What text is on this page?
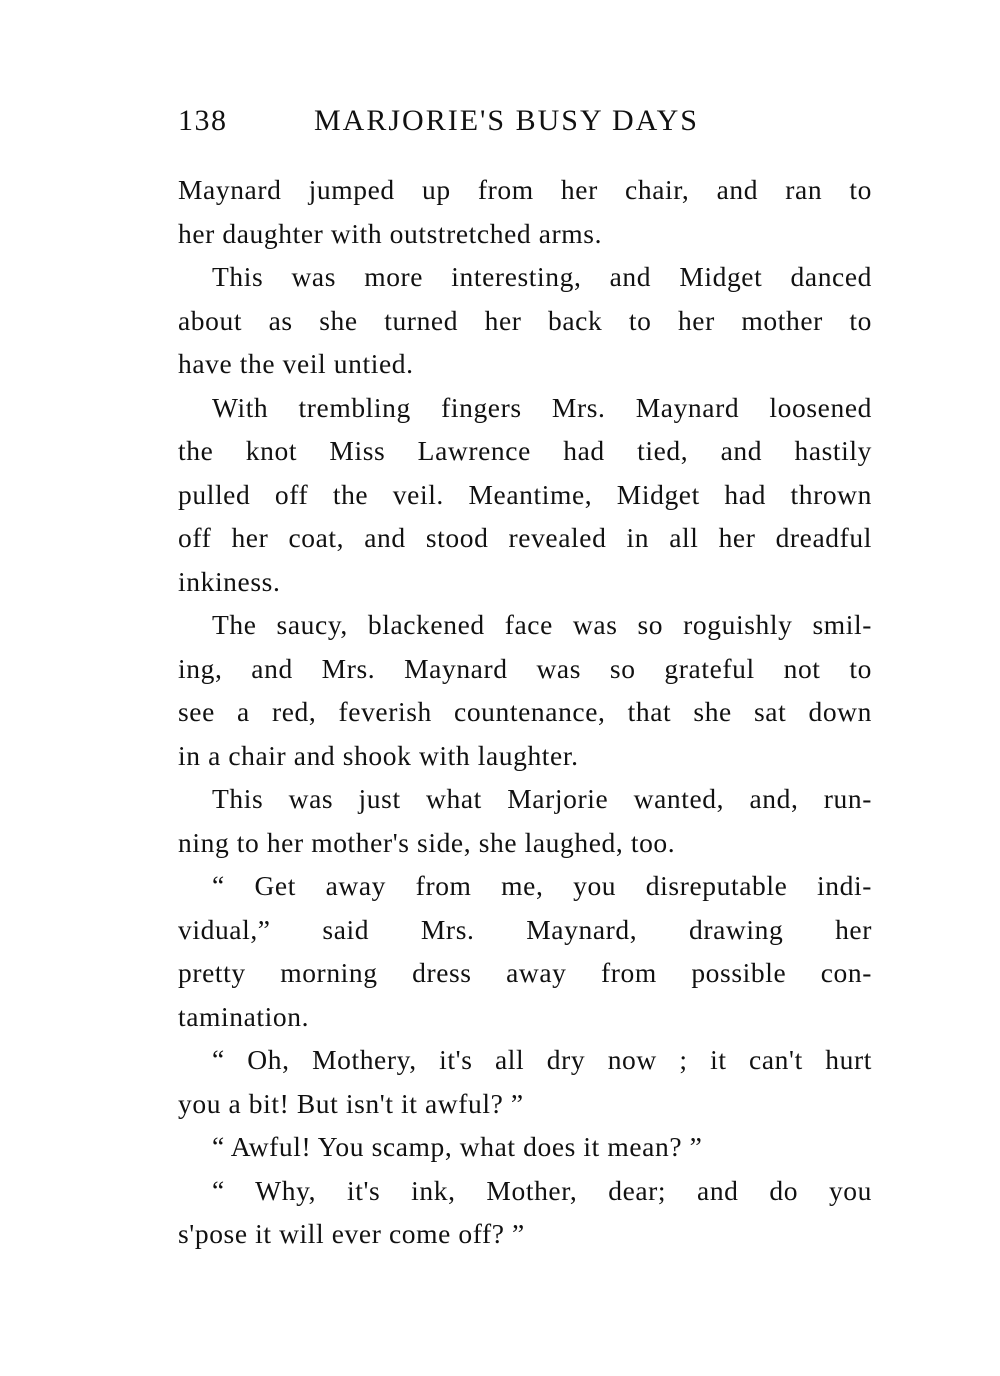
138	MARJORIE'S BUSY DAYS
Maynard jumped up from her chair, and ran to
her daughter with outstretched arms.
This was more interesting, and Midget danced
about as she turned her back to her mother to
have the veil untied.
With trembling fingers Mrs. Maynard loosened
the knot Miss Lawrence had tied, and hastily
pulled off the veil. Meantime, Midget had thrown
off her coat, and stood revealed in all her dreadful
inkiness.
The saucy, blackened face was so roguishly smil-
ing, and Mrs. Maynard was so grateful not to
see a red, feverish countenance, that she sat down
in a chair and shook with laughter.
This was just what Marjorie wanted, and, run-
ning to her mother's side, she laughed, too.
“ Get away from me, you disreputable indi-
vidual,” said Mrs. Maynard, drawing her
pretty morning dress away from possible con-
tamination.
“ Oh, Mothery, it's all dry now ; it can't hurt
you a bit! But isn't it awful? ”
“ Awful! You scamp, what does it mean? ”
“ Why, it's ink, Mother, dear; and do you
s'pose it will ever come off? ”
